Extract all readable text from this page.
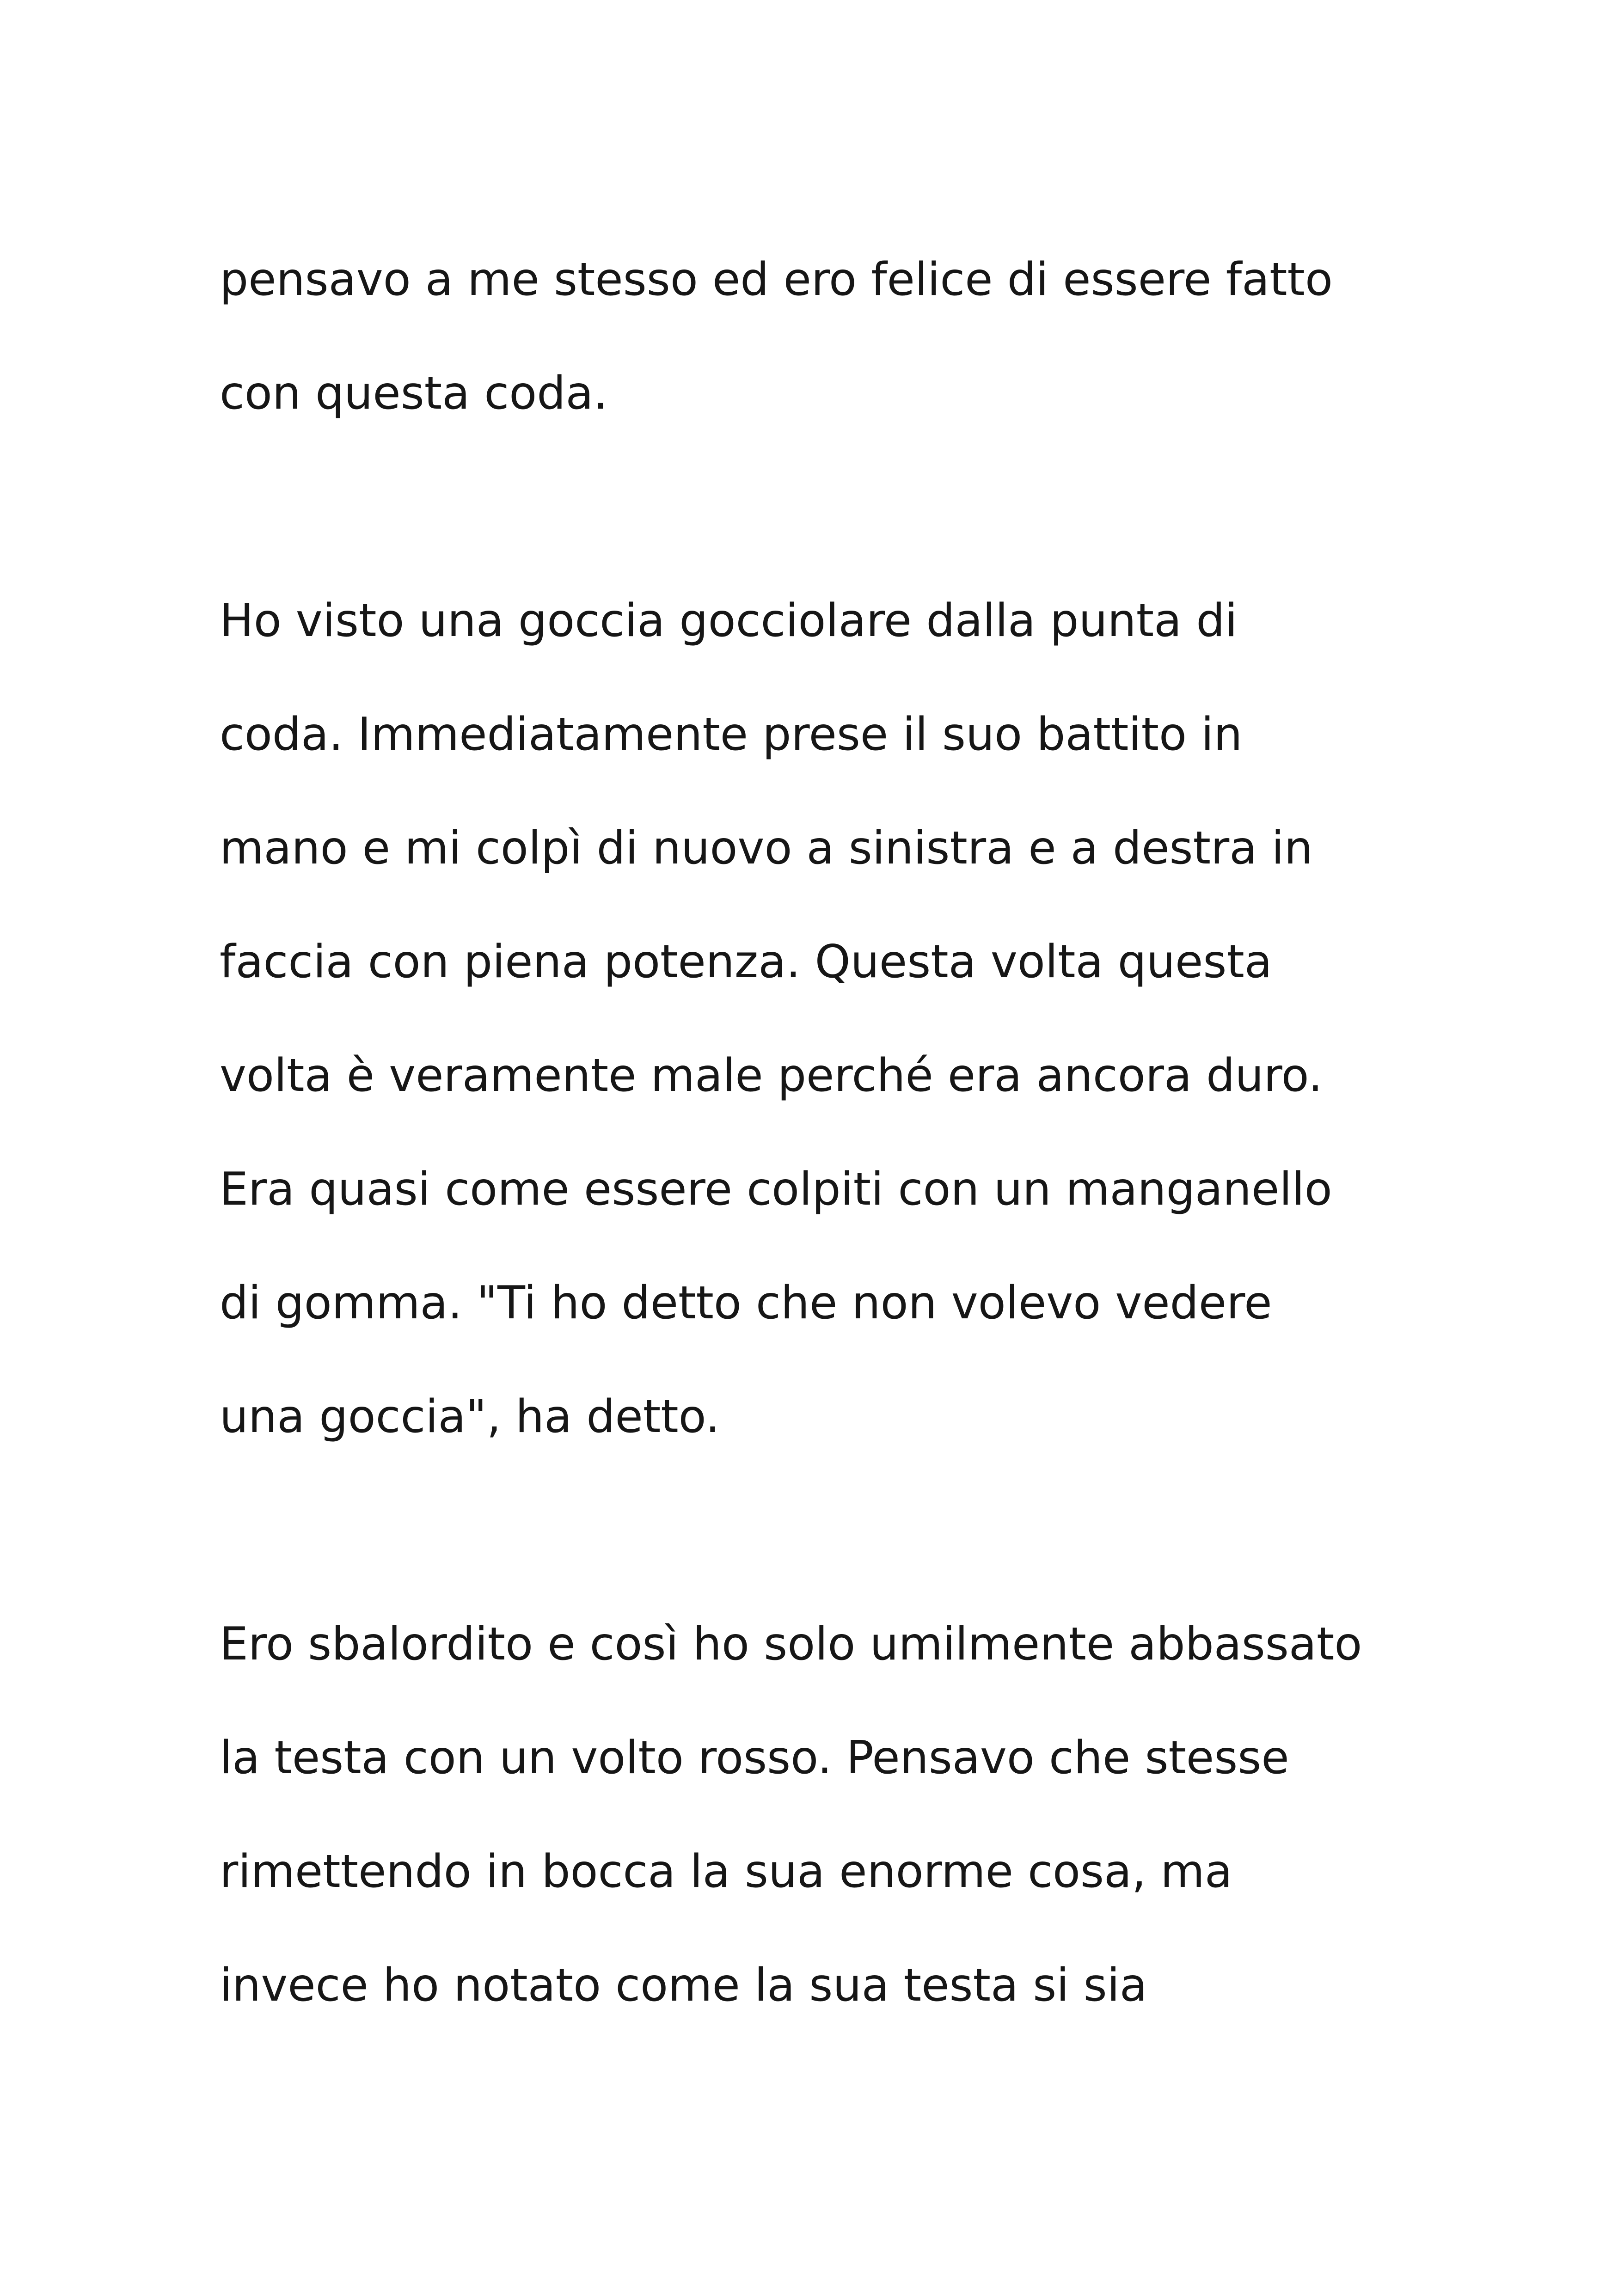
pensavo a me stesso ed ero felice di essere fatto
con questa coda.
Ho visto una goccia gocciolare dalla punta di
coda. Immediatamente prese il suo battito in
mano e mi colpì di nuovo a sinistra e a destra in
faccia con piena potenza. Questa volta questa
volta è veramente male perché era ancora duro.
Era quasi come essere colpiti con un manganello
di gomma. "Ti ho detto che non volevo vedere
una goccia", ha detto.
Ero sbalordito e così ho solo umilmente abbassato
la testa con un volto rosso. Pensavo che stesse
rimettendo in bocca la sua enorme cosa, ma
invece ho notato come la sua testa si sia
